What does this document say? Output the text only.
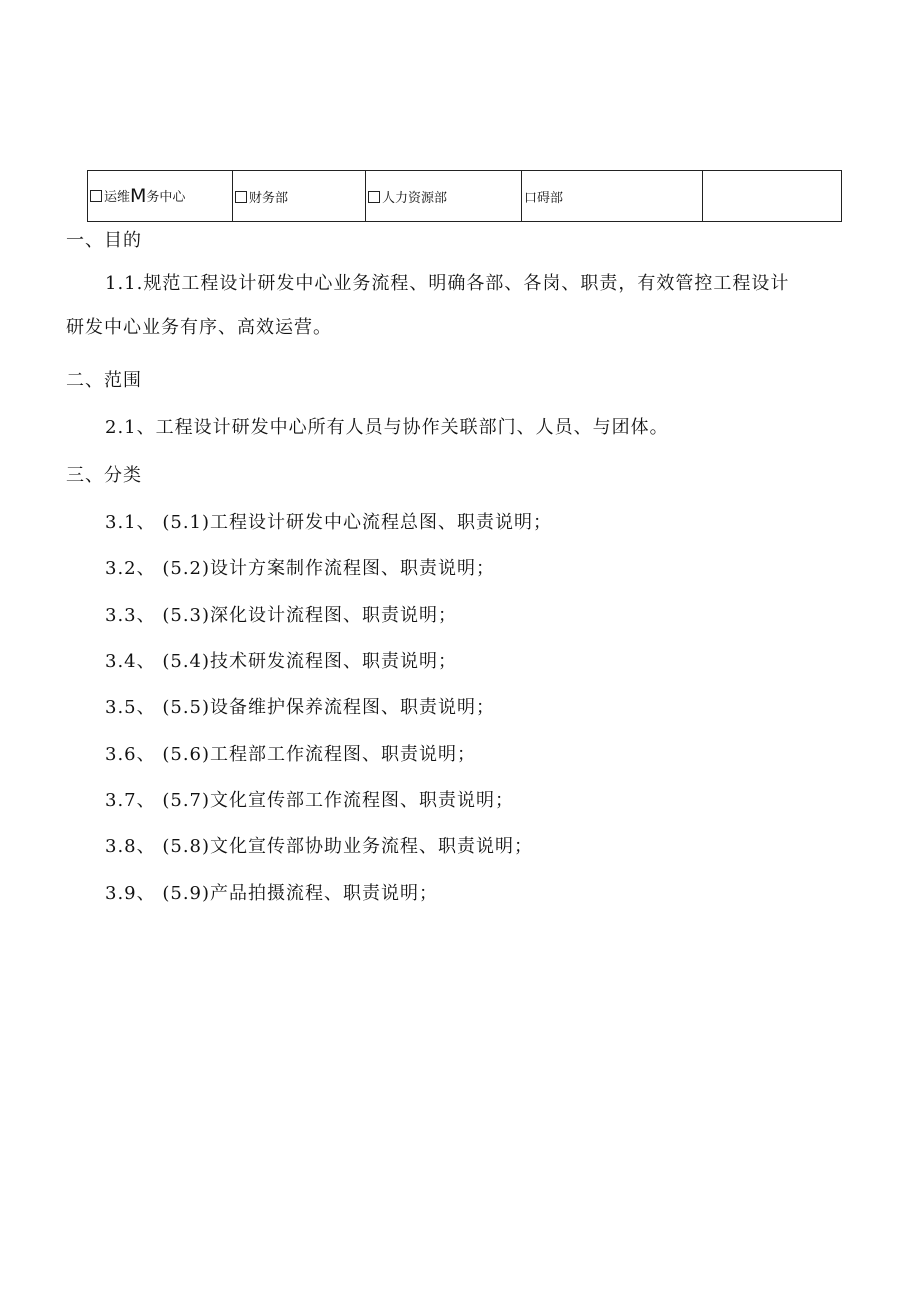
运维M务中心	财务部	人力资源部	口碍部	

一、目的

1.1.规范工程设计研发中心业务流程、明确各部、各岗、职责，有效管控工程设计

研发中心业务有序、高效运营。

二、范围

2.1、工程设计研发中心所有人员与协作关联部门、人员、与团体。

三、分类

3.1、 (5.1)工程设计研发中心流程总图、职责说明；

3.2、 (5.2)设计方案制作流程图、职责说明；

3.3、 (5.3)深化设计流程图、职责说明；

3.4、 (5.4)技术研发流程图、职责说明；

3.5、 (5.5)设备维护保养流程图、职责说明；

3.6、 (5.6)工程部工作流程图、职责说明；

3.7、 (5.7)文化宣传部工作流程图、职责说明；

3.8、 (5.8)文化宣传部协助业务流程、职责说明；

3.9、 (5.9)产品拍摄流程、职责说明；
